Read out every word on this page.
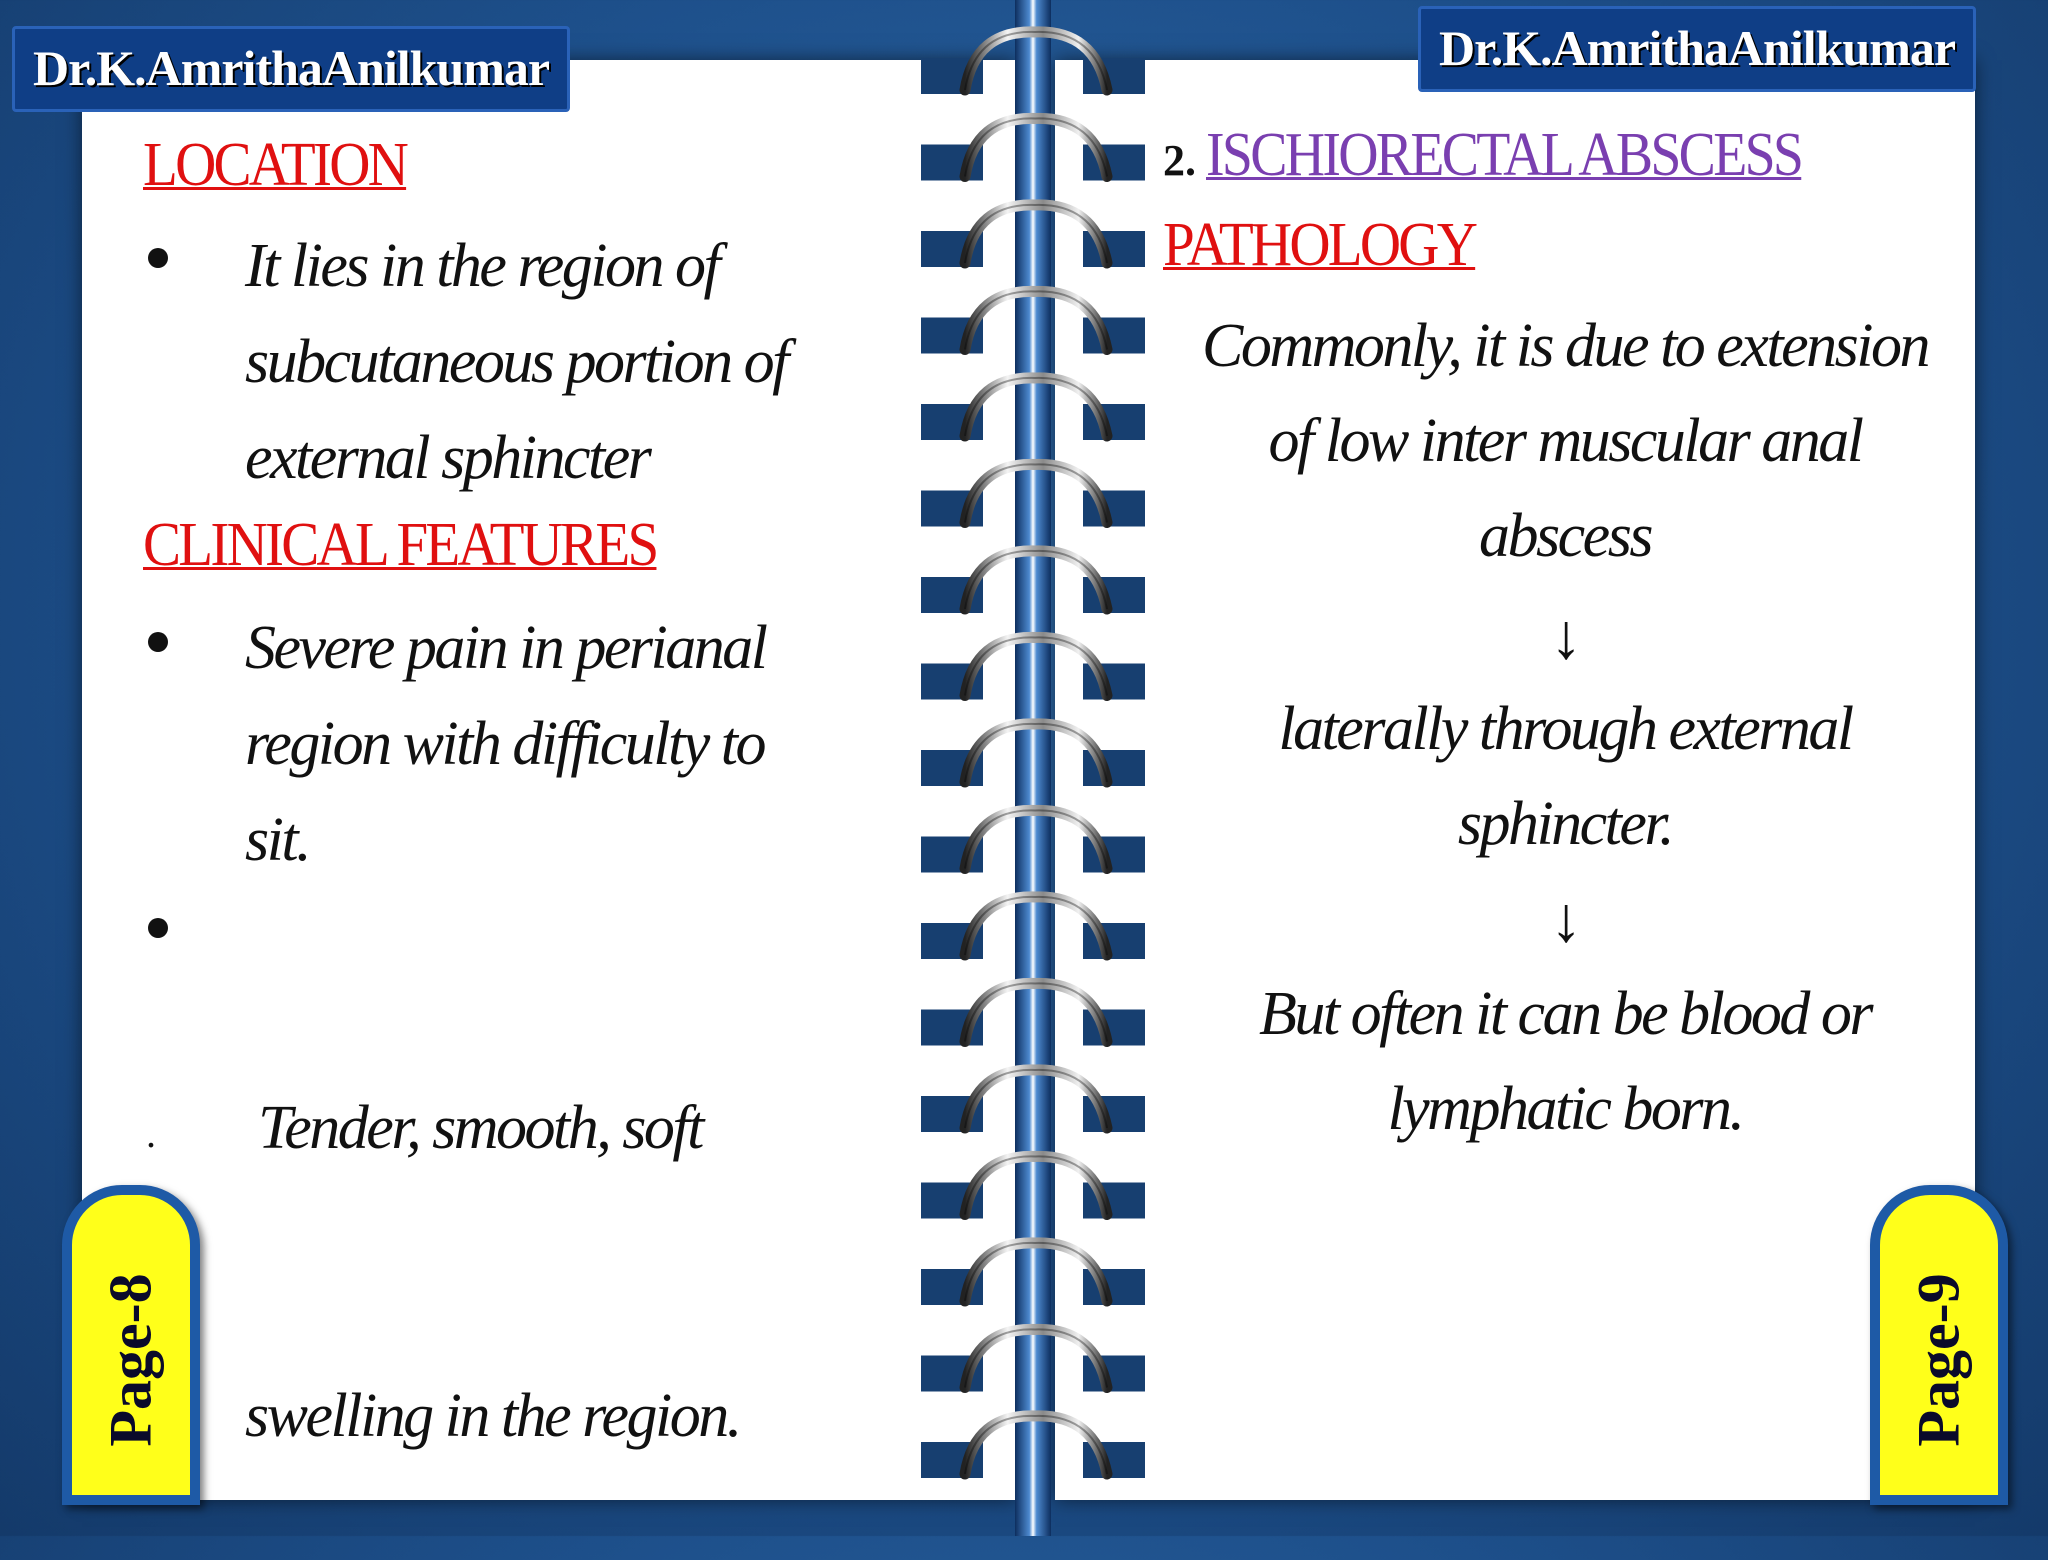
Dr.K.AmrithaAnilkumar	Dr.K.AmrithaAnilkumar
LOCATION
It lies in the region of
subcutaneous portion of
external sphincter
CLINICAL FEATURES
Severe pain in perianal
region with difficulty to
sit.

Tender, smooth, soft

swelling in the region.

.
2. ISCHIORECTAL ABSCESS
PATHOLOGY
Commonly, it is due to extension
of low inter muscular anal
abscess
↓
laterally through external
sphincter.
↓
But often it can be blood or
lymphatic born.
Page-8	Page-9
